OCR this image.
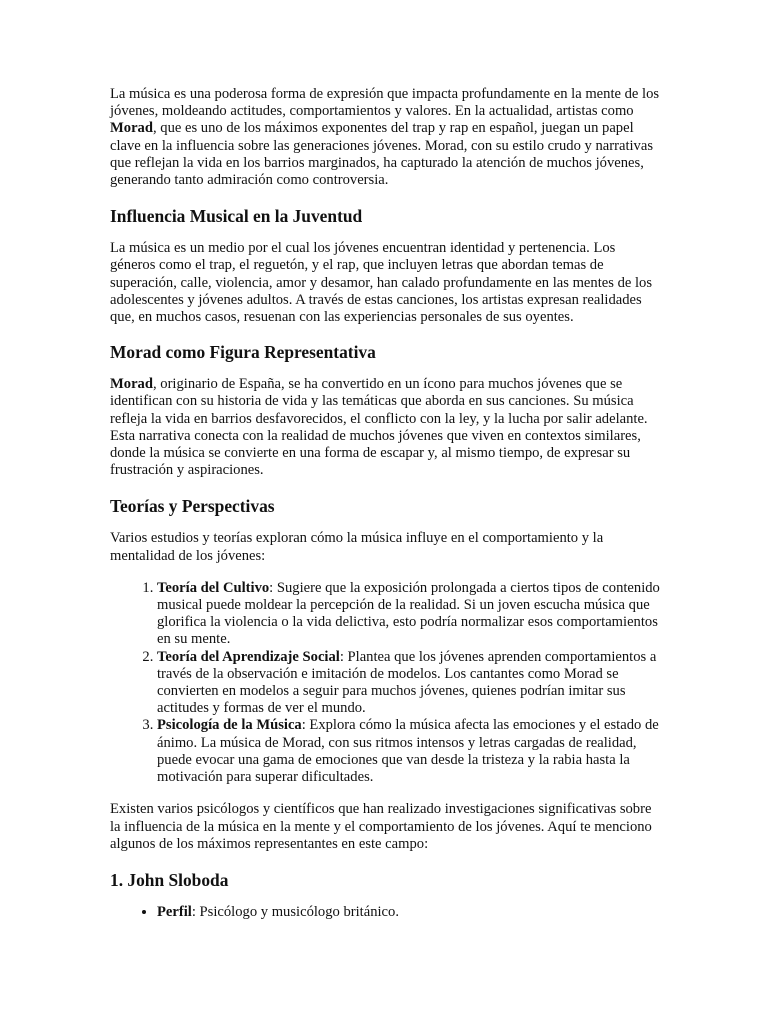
La música es una poderosa forma de expresión que impacta profundamente en la mente de los jóvenes, moldeando actitudes, comportamientos y valores. En la actualidad, artistas como Morad, que es uno de los máximos exponentes del trap y rap en español, juegan un papel clave en la influencia sobre las generaciones jóvenes. Morad, con su estilo crudo y narrativas que reflejan la vida en los barrios marginados, ha capturado la atención de muchos jóvenes, generando tanto admiración como controversia.

Influencia Musical en la Juventud

La música es un medio por el cual los jóvenes encuentran identidad y pertenencia. Los géneros como el trap, el reguetón, y el rap, que incluyen letras que abordan temas de superación, calle, violencia, amor y desamor, han calado profundamente en las mentes de los adolescentes y jóvenes adultos. A través de estas canciones, los artistas expresan realidades que, en muchos casos, resuenan con las experiencias personales de sus oyentes.

Morad como Figura Representativa

Morad, originario de España, se ha convertido en un ícono para muchos jóvenes que se identifican con su historia de vida y las temáticas que aborda en sus canciones. Su música refleja la vida en barrios desfavorecidos, el conflicto con la ley, y la lucha por salir adelante. Esta narrativa conecta con la realidad de muchos jóvenes que viven en contextos similares, donde la música se convierte en una forma de escapar y, al mismo tiempo, de expresar su frustración y aspiraciones.

Teorías y Perspectivas

Varios estudios y teorías exploran cómo la música influye en el comportamiento y la mentalidad de los jóvenes:

1. Teoría del Cultivo: Sugiere que la exposición prolongada a ciertos tipos de contenido musical puede moldear la percepción de la realidad. Si un joven escucha música que glorifica la violencia o la vida delictiva, esto podría normalizar esos comportamientos en su mente.
2. Teoría del Aprendizaje Social: Plantea que los jóvenes aprenden comportamientos a través de la observación e imitación de modelos. Los cantantes como Morad se convierten en modelos a seguir para muchos jóvenes, quienes podrían imitar sus actitudes y formas de ver el mundo.
3. Psicología de la Música: Explora cómo la música afecta las emociones y el estado de ánimo. La música de Morad, con sus ritmos intensos y letras cargadas de realidad, puede evocar una gama de emociones que van desde la tristeza y la rabia hasta la motivación para superar dificultades.

Existen varios psicólogos y científicos que han realizado investigaciones significativas sobre la influencia de la música en la mente y el comportamiento de los jóvenes. Aquí te menciono algunos de los máximos representantes en este campo:

1. John Sloboda
• Perfil: Psicólogo y musicólogo británico.
